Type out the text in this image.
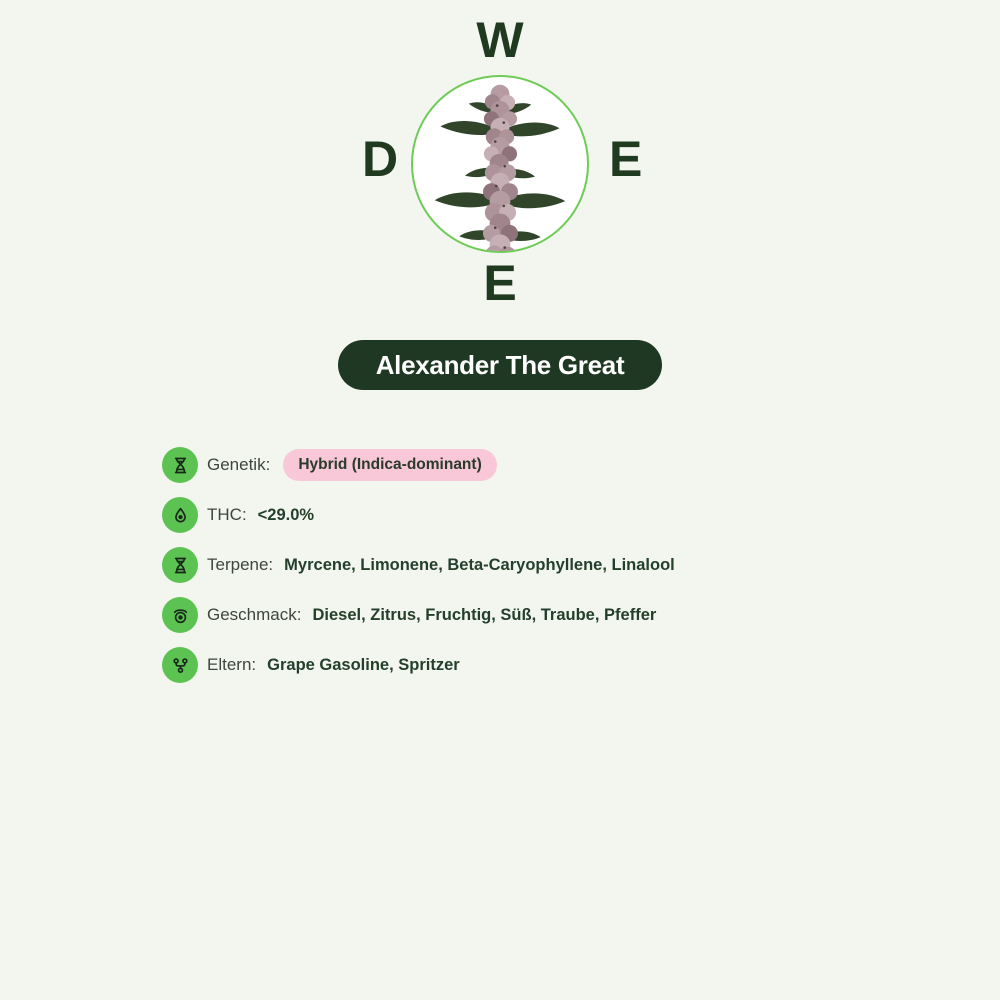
W
D	E
E
Alexander The Great
Genetik:	Hybrid (Indica-dominant)
THC: <29.0%
Terpene: Myrcene, Limonene, Beta-Caryophyllene, Linalool
Geschmack: Diesel, Zitrus, Fruchtig, Süß, Traube, Pfeffer
Eltern: Grape Gasoline, Spritzer
